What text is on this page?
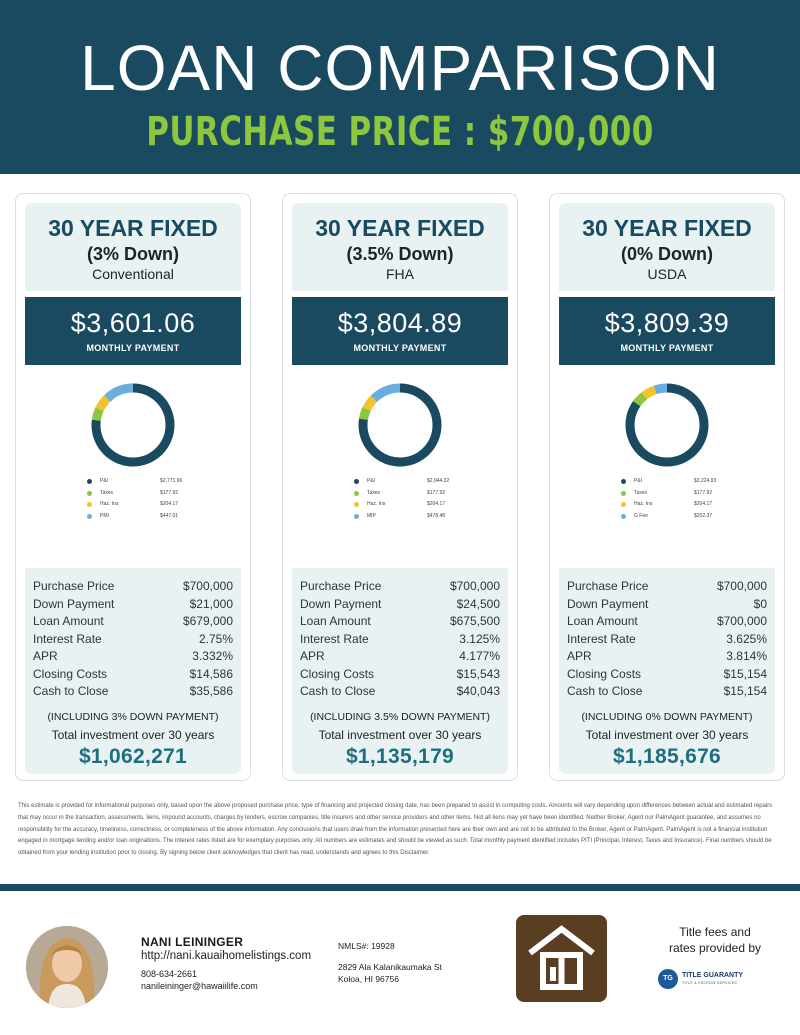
LOAN COMPARISON
PURCHASE PRICE : $700,000
30 YEAR FIXED
(3% Down)
Conventional
$3,601.06
MONTHLY PAYMENT
P&I	$2,771.96
Taxes	$177.92
Haz. Ins	$204.17
PMI	$447.01
Purchase Price	$700,000
Down Payment	$21,000
Loan Amount	$679,000
Interest Rate	2.75%
APR	3.332%
Closing Costs	$14,586
Cash to Close	$35,586
(INCLUDING 3% DOWN PAYMENT)
Total investment over 30 years
$1,062,271
30 YEAR FIXED
(3.5% Down)
FHA
$3,804.89
MONTHLY PAYMENT
P&I	$2,944.32
Taxes	$177.92
Haz. Ins	$204.17
MIP	$478.48
Purchase Price	$700,000
Down Payment	$24,500
Loan Amount	$675,500
Interest Rate	3.125%
APR	4.177%
Closing Costs	$15,543
Cash to Close	$40,043
(INCLUDING 3.5% DOWN PAYMENT)
Total investment over 30 years
$1,135,179
30 YEAR FIXED
(0% Down)
USDA
$3,809.39
MONTHLY PAYMENT
P&I	$3,224.93
Taxes	$177.92
Haz. Ins	$204.17
G Fee	$202.37
Purchase Price	$700,000
Down Payment	$0
Loan Amount	$700,000
Interest Rate	3.625%
APR	3.814%
Closing Costs	$15,154
Cash to Close	$15,154
(INCLUDING 0% DOWN PAYMENT)
Total investment over 30 years
$1,185,676

This estimate is provided for informational purposes only, based upon the above proposed purchase price, type of financing and projected closing date, has been prepared to assist in computing costs. Amounts will vary depending upon differences between actual and estimated repairs that may occur in the transaction, assessments, liens, impound accounts, charges by lenders, escrow companies, title insurers and other service providers and other items. Not all liens may yet have been identified. Neither Broker, Agent nor PalmAgent guarantee, and assumes no responsibility for the accuracy, timeliness, correctness, or completeness of the above information. Any conclusions that users draw from the information presented here are their own and are not to be attributed to the Broker, Agent or PalmAgent. PalmAgent is not a financial institution engaged in mortgage lending and/or loan originations. The interest rates listed are for exemplary purposes only. All numbers are estimates and should be viewed as such. Total monthly payment identified includes PITI (Principal, Interest, Taxes and Insurance). Final numbers should be obtained from your lending institution prior to closing. By signing below client acknowledges that client has read, understands and agrees to this Disclaimer.

NANI LEININGER
http://nani.kauaihomelistings.com
808-634-2661
nanileininger@hawaiilife.com
NMLS#: 19928
2829 Ala Kalanikaumaka St
Koloa, HI 96756
Title fees and
rates provided by
TG	TITLE GUARANTY
TITLE & ESCROW SERVICES
